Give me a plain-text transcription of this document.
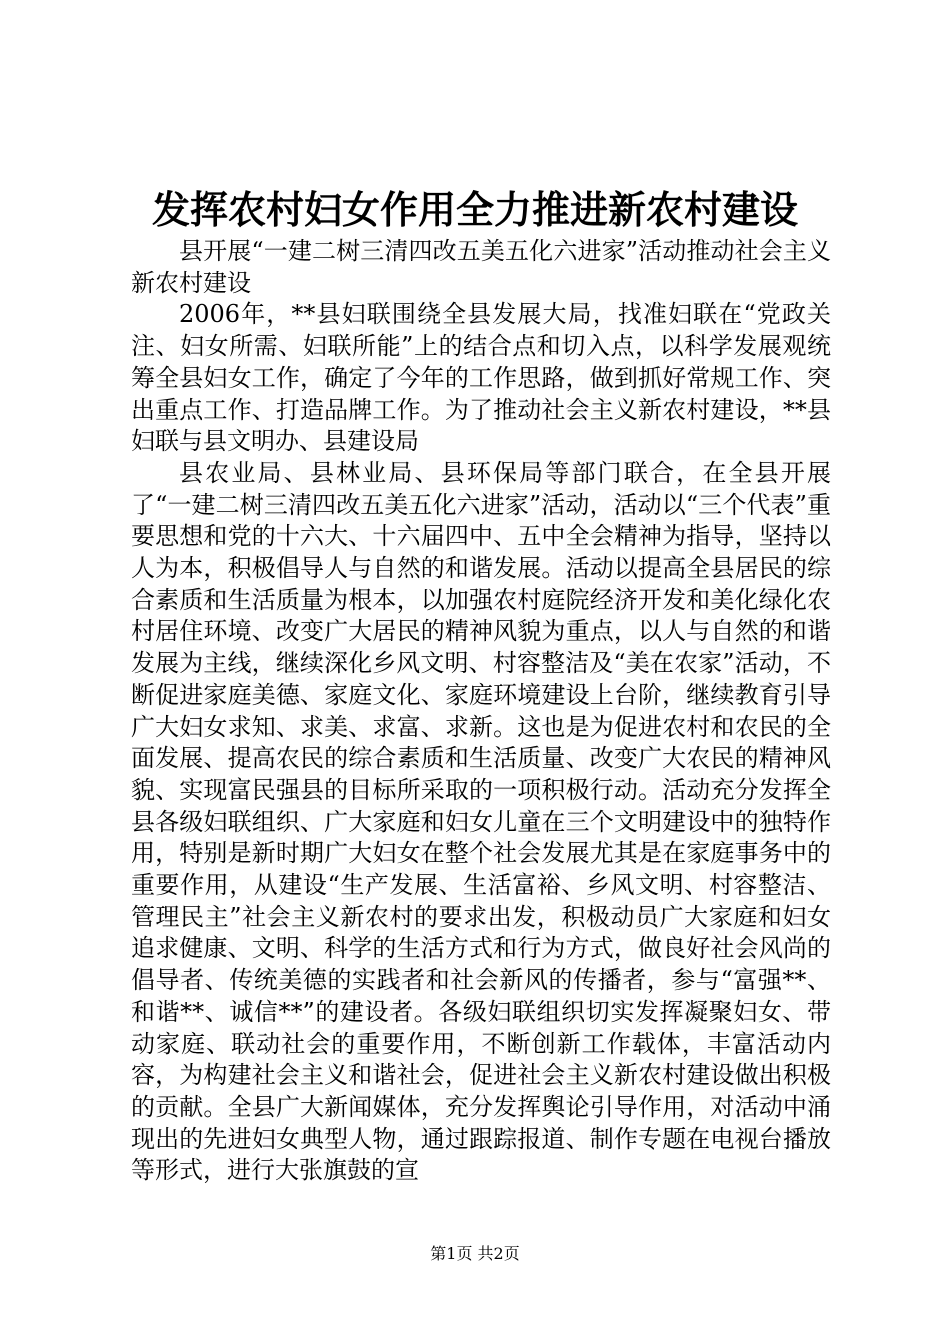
发挥农村妇女作用全力推进新农村建设

县开展“一建二树三清四改五美五化六进家”活动推动社会主义新农村建设

2006年，**县妇联围绕全县发展大局，找准妇联在“党政关注、妇女所需、妇联所能”上的结合点和切入点，以科学发展观统筹全县妇女工作，确定了今年的工作思路，做到抓好常规工作、突出重点工作、打造品牌工作。为了推动社会主义新农村建设，**县妇联与县文明办、县建设局

县农业局、县林业局、县环保局等部门联合，在全县开展了“一建二树三清四改五美五化六进家”活动，活动以“三个代表”重要思想和党的十六大、十六届四中、五中全会精神为指导，坚持以人为本，积极倡导人与自然的和谐发展。活动以提高全县居民的综合素质和生活质量为根本，以加强农村庭院经济开发和美化绿化农村居住环境、改变广大居民的精神风貌为重点，以人与自然的和谐发展为主线，继续深化乡风文明、村容整洁及“美在农家”活动，不断促进家庭美德、家庭文化、家庭环境建设上台阶，继续教育引导广大妇女求知、求美、求富、求新。这也是为促进农村和农民的全面发展、提高农民的综合素质和生活质量、改变广大农民的精神风貌、实现富民强县的目标所采取的一项积极行动。活动充分发挥全县各级妇联组织、广大家庭和妇女儿童在三个文明建设中的独特作用，特别是新时期广大妇女在整个社会发展尤其是在家庭事务中的重要作用，从建设“生产发展、生活富裕、乡风文明、村容整洁、管理民主”社会主义新农村的要求出发，积极动员广大家庭和妇女追求健康、文明、科学的生活方式和行为方式，做良好社会风尚的倡导者、传统美德的实践者和社会新风的传播者，参与“富强**、和谐**、诚信**”的建设者。各级妇联组织切实发挥凝聚妇女、带动家庭、联动社会的重要作用，不断创新工作载体，丰富活动内容，为构建社会主义和谐社会，促进社会主义新农村建设做出积极的贡献。全县广大新闻媒体，充分发挥舆论引导作用，对活动中涌现出的先进妇女典型人物，通过跟踪报道、制作专题在电视台播放等形式，进行大张旗鼓的宣

第1页 共2页
